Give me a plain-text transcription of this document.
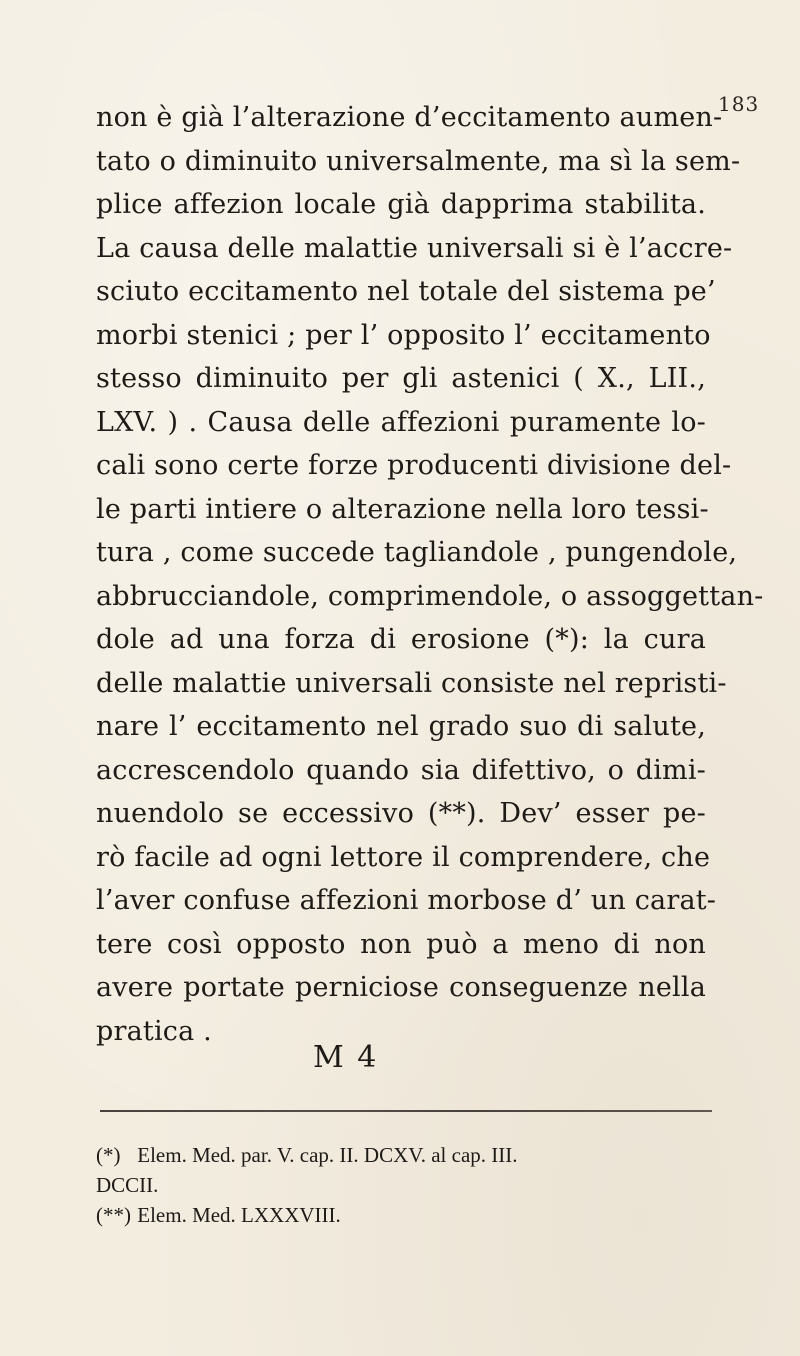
183
non è già l’alterazione d’eccitamento aumen-
tato o diminuito universalmente, ma sì la sem-
plice affezion locale già dapprima stabilita.
La causa delle malattie universali si è l’accre-
sciuto eccitamento nel totale del sistema pe’
morbi stenici ; per l’ opposito l’ eccitamento
stesso diminuito per gli astenici ( X., LII.,
LXV. ) . Causa delle affezioni puramente lo-
cali sono certe forze producenti divisione del-
le parti intiere o alterazione nella loro tessi-
tura , come succede tagliandole , pungendole,
abbrucciandole, comprimendole, o assoggettan-
dole ad una forza di erosione (*): la cura
delle malattie universali consiste nel repristi-
nare l’ eccitamento nel grado suo di salute,
accrescendolo quando sia difettivo, o dimi-
nuendolo se eccessivo (**). Dev’ esser pe-
rò facile ad ogni lettore il comprendere, che
l’aver confuse affezioni morbose d’ un carat-
tere così opposto non può a meno di non
avere portate perniciose conseguenze nella
pratica .
M 4
(*) Elem. Med. par. V. cap. II. DCXV. al cap. III.
DCCII.
(**) Elem. Med. LXXXVIII.
